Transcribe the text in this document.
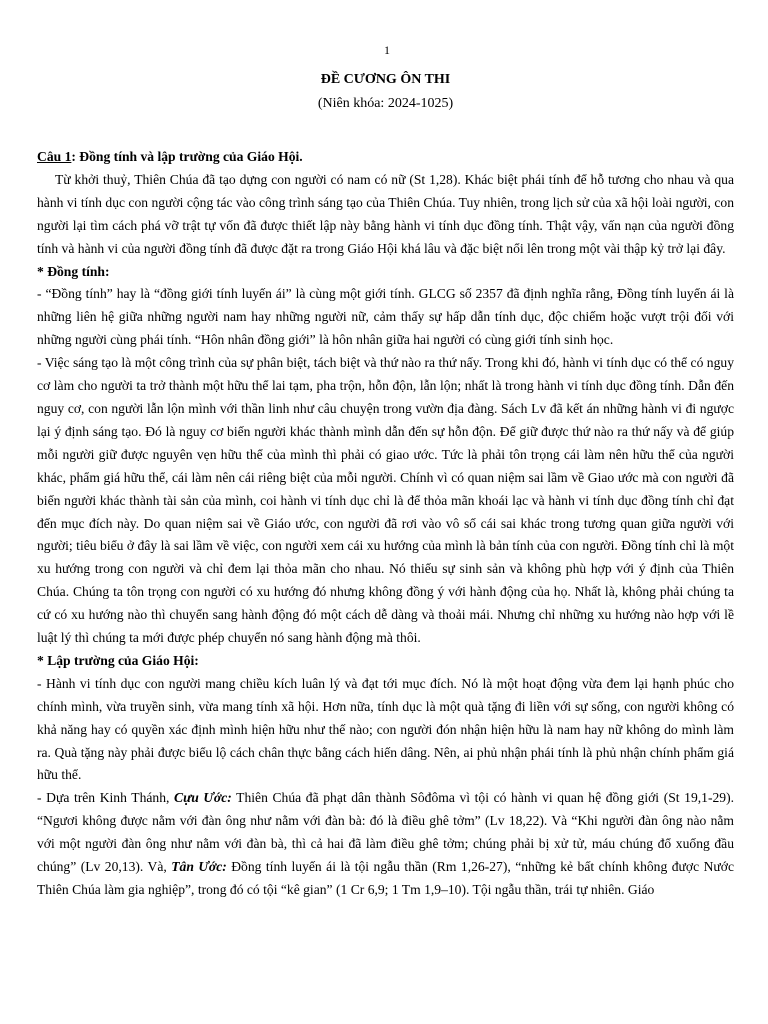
1
ĐỀ CƯƠNG ÔN THI
(Niên khóa: 2024-1025)

Câu 1: Đồng tính và lập trường của Giáo Hội.

Từ khởi thuỷ, Thiên Chúa đã tạo dựng con người có nam có nữ (St 1,28). Khác biệt phái tính để hỗ tương cho nhau và qua hành vi tính dục con người cộng tác vào công trình sáng tạo của Thiên Chúa. Tuy nhiên, trong lịch sử của xã hội loài người, con người lại tìm cách phá vỡ trật tự vốn đã được thiết lập này bằng hành vi tính dục đồng tính. Thật vậy, vấn nạn của người đồng tính và hành vi của người đồng tính đã được đặt ra trong Giáo Hội khá lâu và đặc biệt nổi lên trong một vài thập kỷ trở lại đây.

* Đồng tính:

- “Đồng tính” hay là “đồng giới tính luyến ái” là cùng một giới tính. GLCG số 2357 đã định nghĩa rằng, Đồng tính luyến ái là những liên hệ giữa những người nam hay những người nữ, cảm thấy sự hấp dẫn tính dục, độc chiếm hoặc vượt trội đối với những người cùng phái tính. “Hôn nhân đồng giới” là hôn nhân giữa hai người có cùng giới tính sinh học.

- Việc sáng tạo là một công trình của sự phân biệt, tách biệt và thứ nào ra thứ nấy. Trong khi đó, hành vi tính dục có thể có nguy cơ làm cho người ta trở thành một hữu thể lai tạm, pha trộn, hỗn độn, lẫn lộn; nhất là trong hành vi tính dục đồng tính. Dẫn đến nguy cơ, con người lẫn lộn mình với thần linh như câu chuyện trong vườn địa đàng. Sách Lv đã kết án những hành vi đi ngược lại ý định sáng tạo. Đó là nguy cơ biến người khác thành mình dẫn đến sự hỗn độn. Để giữ được thứ nào ra thứ nấy và để giúp mỗi người giữ được nguyên vẹn hữu thể của mình thì phải có giao ước. Tức là phải tôn trọng cái làm nên hữu thể của người khác, phẩm giá hữu thể, cái làm nên cái riêng biệt của mỗi người. Chính vì có quan niệm sai lầm về Giao ước mà con người đã biến người khác thành tài sản của mình, coi hành vi tính dục chỉ là để thỏa mãn khoái lạc và hành vi tính dục đồng tính chỉ đạt đến mục đích này. Do quan niệm sai về Giáo ước, con người đã rơi vào vô số cái sai khác trong tương quan giữa người với người; tiêu biểu ở đây là sai lầm về việc, con người xem cái xu hướng của mình là bản tính của con người. Đồng tính chỉ là một xu hướng trong con người và chỉ đem lại thỏa mãn cho nhau. Nó thiếu sự sinh sản và không phù hợp với ý định của Thiên Chúa. Chúng ta tôn trọng con người có xu hướng đó nhưng không đồng ý với hành động của họ. Nhất là, không phải chúng ta cứ có xu hướng nào thì chuyển sang hành động đó một cách dễ dàng và thoải mái. Nhưng chỉ những xu hướng nào hợp với lề luật lý thì chúng ta mới được phép chuyển nó sang hành động mà thôi.

* Lập trường của Giáo Hội:

- Hành vi tính dục con người mang chiều kích luân lý và đạt tới mục đích. Nó là một hoạt động vừa đem lại hạnh phúc cho chính mình, vừa truyền sinh, vừa mang tính xã hội. Hơn nữa, tính dục là một quà tặng đi liền với sự sống, con người không có khả năng hay có quyền xác định mình hiện hữu như thế nào; con người đón nhận hiện hữu là nam hay nữ không do mình làm ra. Quà tặng này phải được biểu lộ cách chân thực bằng cách hiến dâng. Nên, ai phủ nhận phái tính là phủ nhận chính phẩm giá hữu thể.

- Dựa trên Kinh Thánh, Cựu Ước: Thiên Chúa đã phạt dân thành Sôđôma vì tội có hành vi quan hệ đồng giới (St 19,1-29). “Ngươi không được nằm với đàn ông như nằm với đàn bà: đó là điều ghê tởm” (Lv 18,22). Và “Khi người đàn ông nào nằm với một người đàn ông như nằm với đàn bà, thì cả hai đã làm điều ghê tởm; chúng phải bị xử tử, máu chúng đổ xuống đầu chúng” (Lv 20,13). Và, Tân Ước: Đồng tính luyến ái là tội ngẫu thần (Rm 1,26-27), “những kẻ bất chính không được Nước Thiên Chúa làm gia nghiệp”, trong đó có tội “kê gian” (1 Cr 6,9; 1 Tm 1,9–10). Tội ngẫu thần, trái tự nhiên. Giáo
